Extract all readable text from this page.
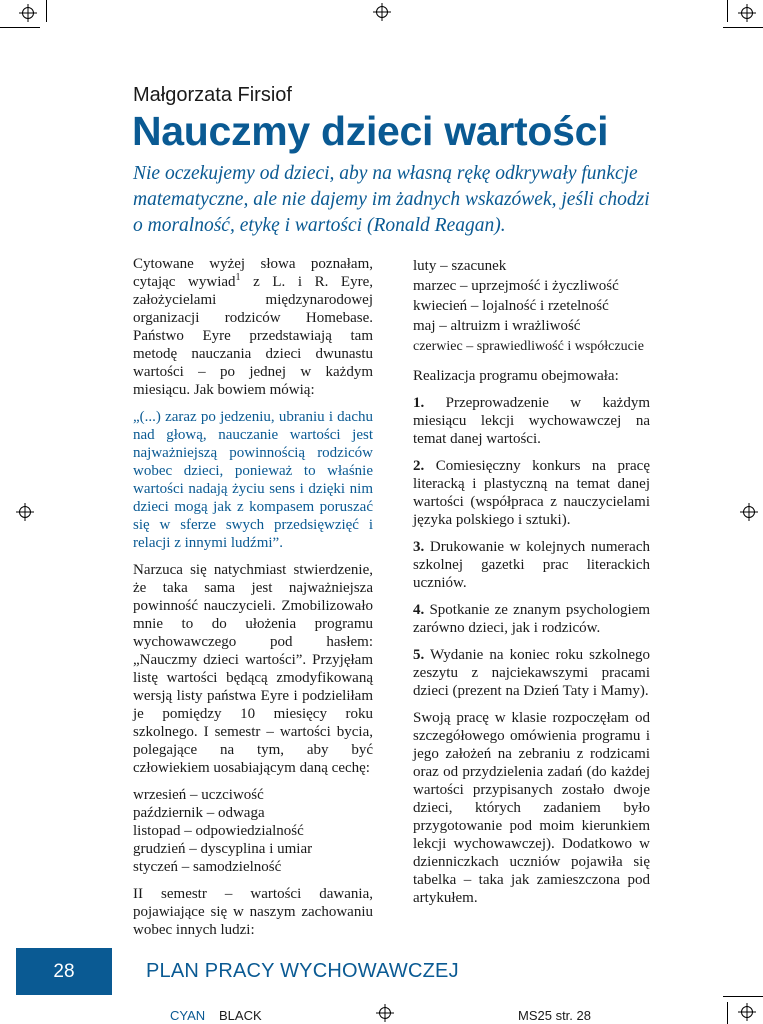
Małgorzata Firsiof
Nauczmy dzieci wartości
Nie oczekujemy od dzieci, aby na własną rękę odkrywały funkcje matematyczne, ale nie dajemy im żadnych wskazówek, jeśli chodzi o moralność, etykę i wartości (Ronald Reagan).

Cytowane wyżej słowa poznałam, cytając wywiad$^1$ z L. i R. Eyre, założycielami międzynarodowej organizacji rodziców Homebase. Państwo Eyre przedstawiają tam metodę nauczania dzieci dwunastu wartości – po jednej w każdym miesiącu. Jak bowiem mówią:

„(...) zaraz po jedzeniu, ubraniu i dachu nad głową, nauczanie wartości jest najważniejszą powinnością rodziców wobec dzieci, ponieważ to właśnie wartości nadają życiu sens i dzięki nim dzieci mogą jak z kompasem poruszać się w sferze swych przedsięwzięć i relacji z innymi ludźmi”.

Narzuca się natychmiast stwierdzenie, że taka sama jest najważniejsza powinność nauczycieli. Zmobilizowało mnie to do ułożenia programu wychowawczego pod hasłem: „Nauczmy dzieci wartości”. Przyjęłam listę wartości będącą zmodyfikowaną wersją listy państwa Eyre i podzieliłam je pomiędzy 10 miesięcy roku szkolnego. I semestr – wartości bycia, polegające na tym, aby być człowiekiem uosabiającym daną cechę:

wrzesień – uczciwość
październik – odwaga
listopad – odpowiedzialność
grudzień – dyscyplina i umiar
styczeń – samodzielność

II semestr – wartości dawania, pojawiające się w naszym zachowaniu wobec innych ludzi:

luty – szacunek
marzec – uprzejmość i życzliwość
kwiecień – lojalność i rzetelność
maj – altruizm i wrażliwość
czerwiec – sprawiedliwość i współczucie

Realizacja programu obejmowała:

1. Przeprowadzenie w każdym miesiącu lekcji wychowawczej na temat danej wartości.

2. Comiesięczny konkurs na pracę literacką i plastyczną na temat danej wartości (współpraca z nauczycielami języka polskiego i sztuki).

3. Drukowanie w kolejnych numerach szkolnej gazetki prac literackich uczniów.

4. Spotkanie ze znanym psychologiem zarówno dzieci, jak i rodziców.

5. Wydanie na koniec roku szkolnego zeszytu z najciekawszymi pracami dzieci (prezent na Dzień Taty i Mamy).

Swoją pracę w klasie rozpoczęłam od szczegółowego omówienia programu i jego założeń na zebraniu z rodzicami oraz od przydzielenia zadań (do każdej wartości przypisanych zostało dwoje dzieci, których zadaniem było przygotowanie pod moim kierunkiem lekcji wychowawczej). Dodatkowo w dzienniczkach uczniów pojawiła się tabelka – taka jak zamieszczona pod artykułem.

28	PLAN PRACY WYCHOWAWCZEJ
CYAN BLACK	MS25 str. 28
